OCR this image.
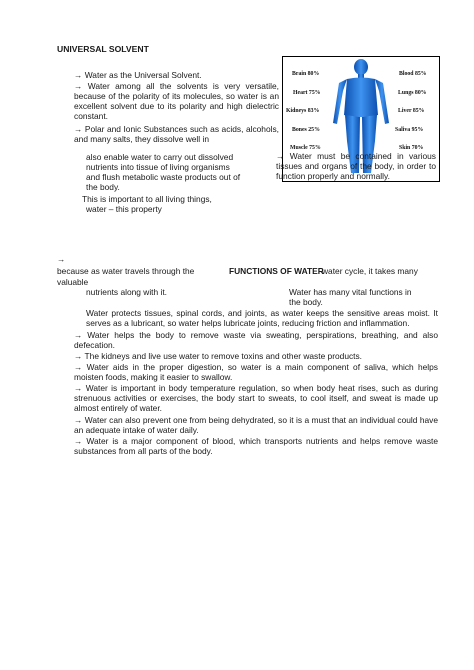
UNIVERSAL SOLVENT
→ Water as the Universal Solvent.
→ Water among all the solvents is very versatile, because of the polarity of its molecules, so water is an excellent solvent due to its polarity and high dielectric constant.
→ Polar and Ionic Substances such as acids, alcohols, and many salts, they dissolve well in
Brain 80%
Heart 75%
Kidneys 83%
Bones 25%
Muscle 75%
Blood 85%
Lungs 80%
Liver 85%
Saliva 95%
Skin 70%
also enable water to carry out dissolved
nutrients into tissue of living organisms
and flush metabolic waste products out of
the body.
This is important to all living things,
water – this property
→ Water must be contained in various tissues and organs of the body, in order to function properly and normally.
→
because as water travels through the	FUNCTIONS OF WATER
water cycle, it takes many
valuable
nutrients along with it.	Water has many vital functions in
the body.
Water protects tissues, spinal cords, and joints, as water keeps the sensitive areas moist. It serves as a lubricant, so water helps lubricate joints, reducing friction and inflammation.
→ Water helps the body to remove waste via sweating, perspirations, breathing, and also defecation.
→ The kidneys and live use water to remove toxins and other waste products.
→ Water aids in the proper digestion, so water is a main component of saliva, which helps moisten foods, making it easier to swallow.
→ Water is important in body temperature regulation, so when body heat rises, such as during strenuous activities or exercises, the body start to sweats, to cool itself, and sweat is made up almost entirely of water.
→ Water can also prevent one from being dehydrated, so it is a must that an individual could have an adequate intake of water daily.
→ Water is a major component of blood, which transports nutrients and helps remove waste substances from all parts of the body.
